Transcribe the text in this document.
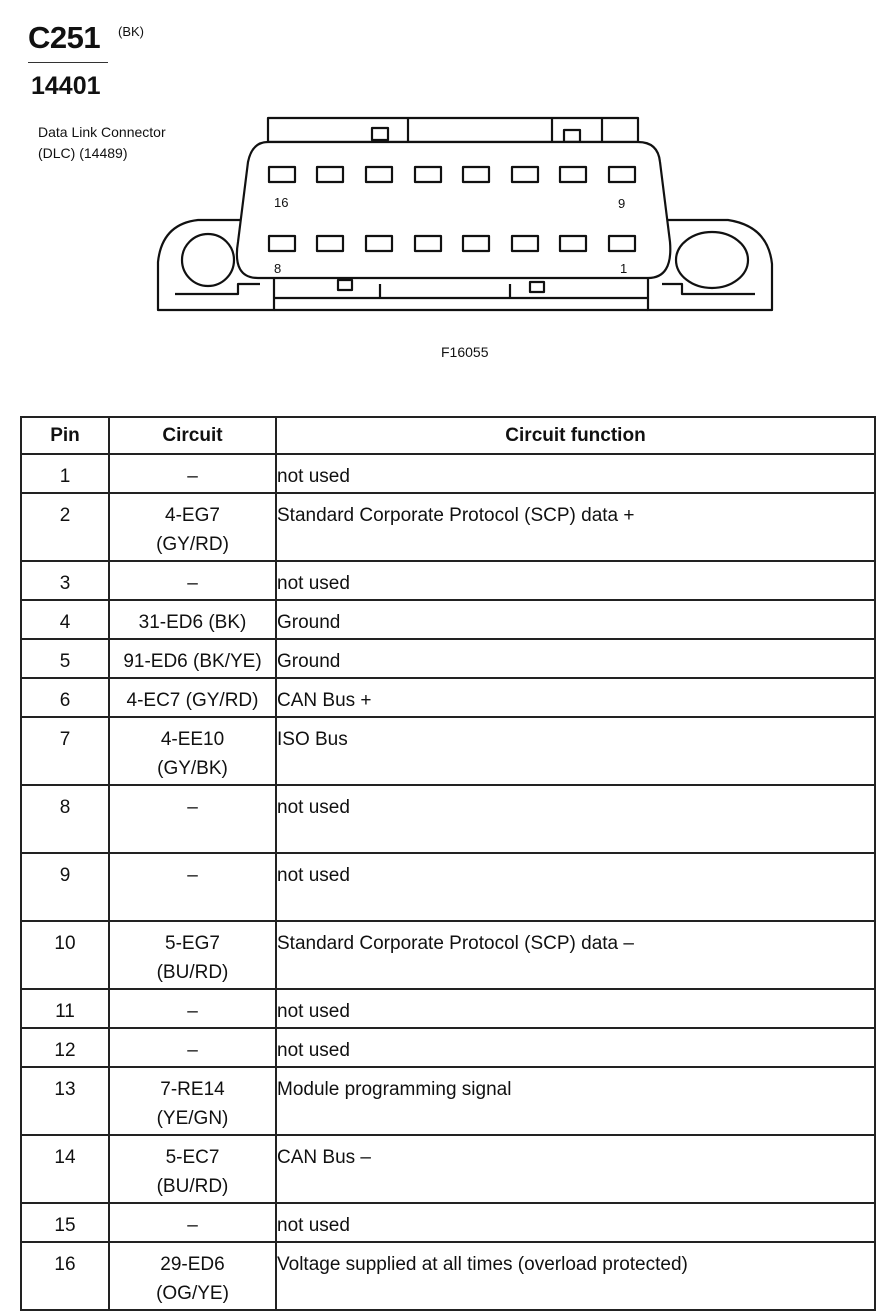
C251 (BK)
14401
Data Link Connector
(DLC) (14489)
16	9
8	1
F16055
Pin	Circuit	Circuit function
1	–	not used
2	4-EG7
(GY/RD)	Standard Corporate Protocol (SCP) data +
3	–	not used
4	31-ED6 (BK)	Ground
5	91-ED6 (BK/YE)	Ground
6	4-EC7 (GY/RD)	CAN Bus +
7	4-EE10
(GY/BK)	ISO Bus
8	–	not used
9	–	not used
10	5-EG7
(BU/RD)	Standard Corporate Protocol (SCP) data –
11	–	not used
12	–	not used
13	7-RE14
(YE/GN)	Module programming signal
14	5-EC7
(BU/RD)	CAN Bus –
15	–	not used
16	29-ED6
(OG/YE)	Voltage supplied at all times (overload protected)
